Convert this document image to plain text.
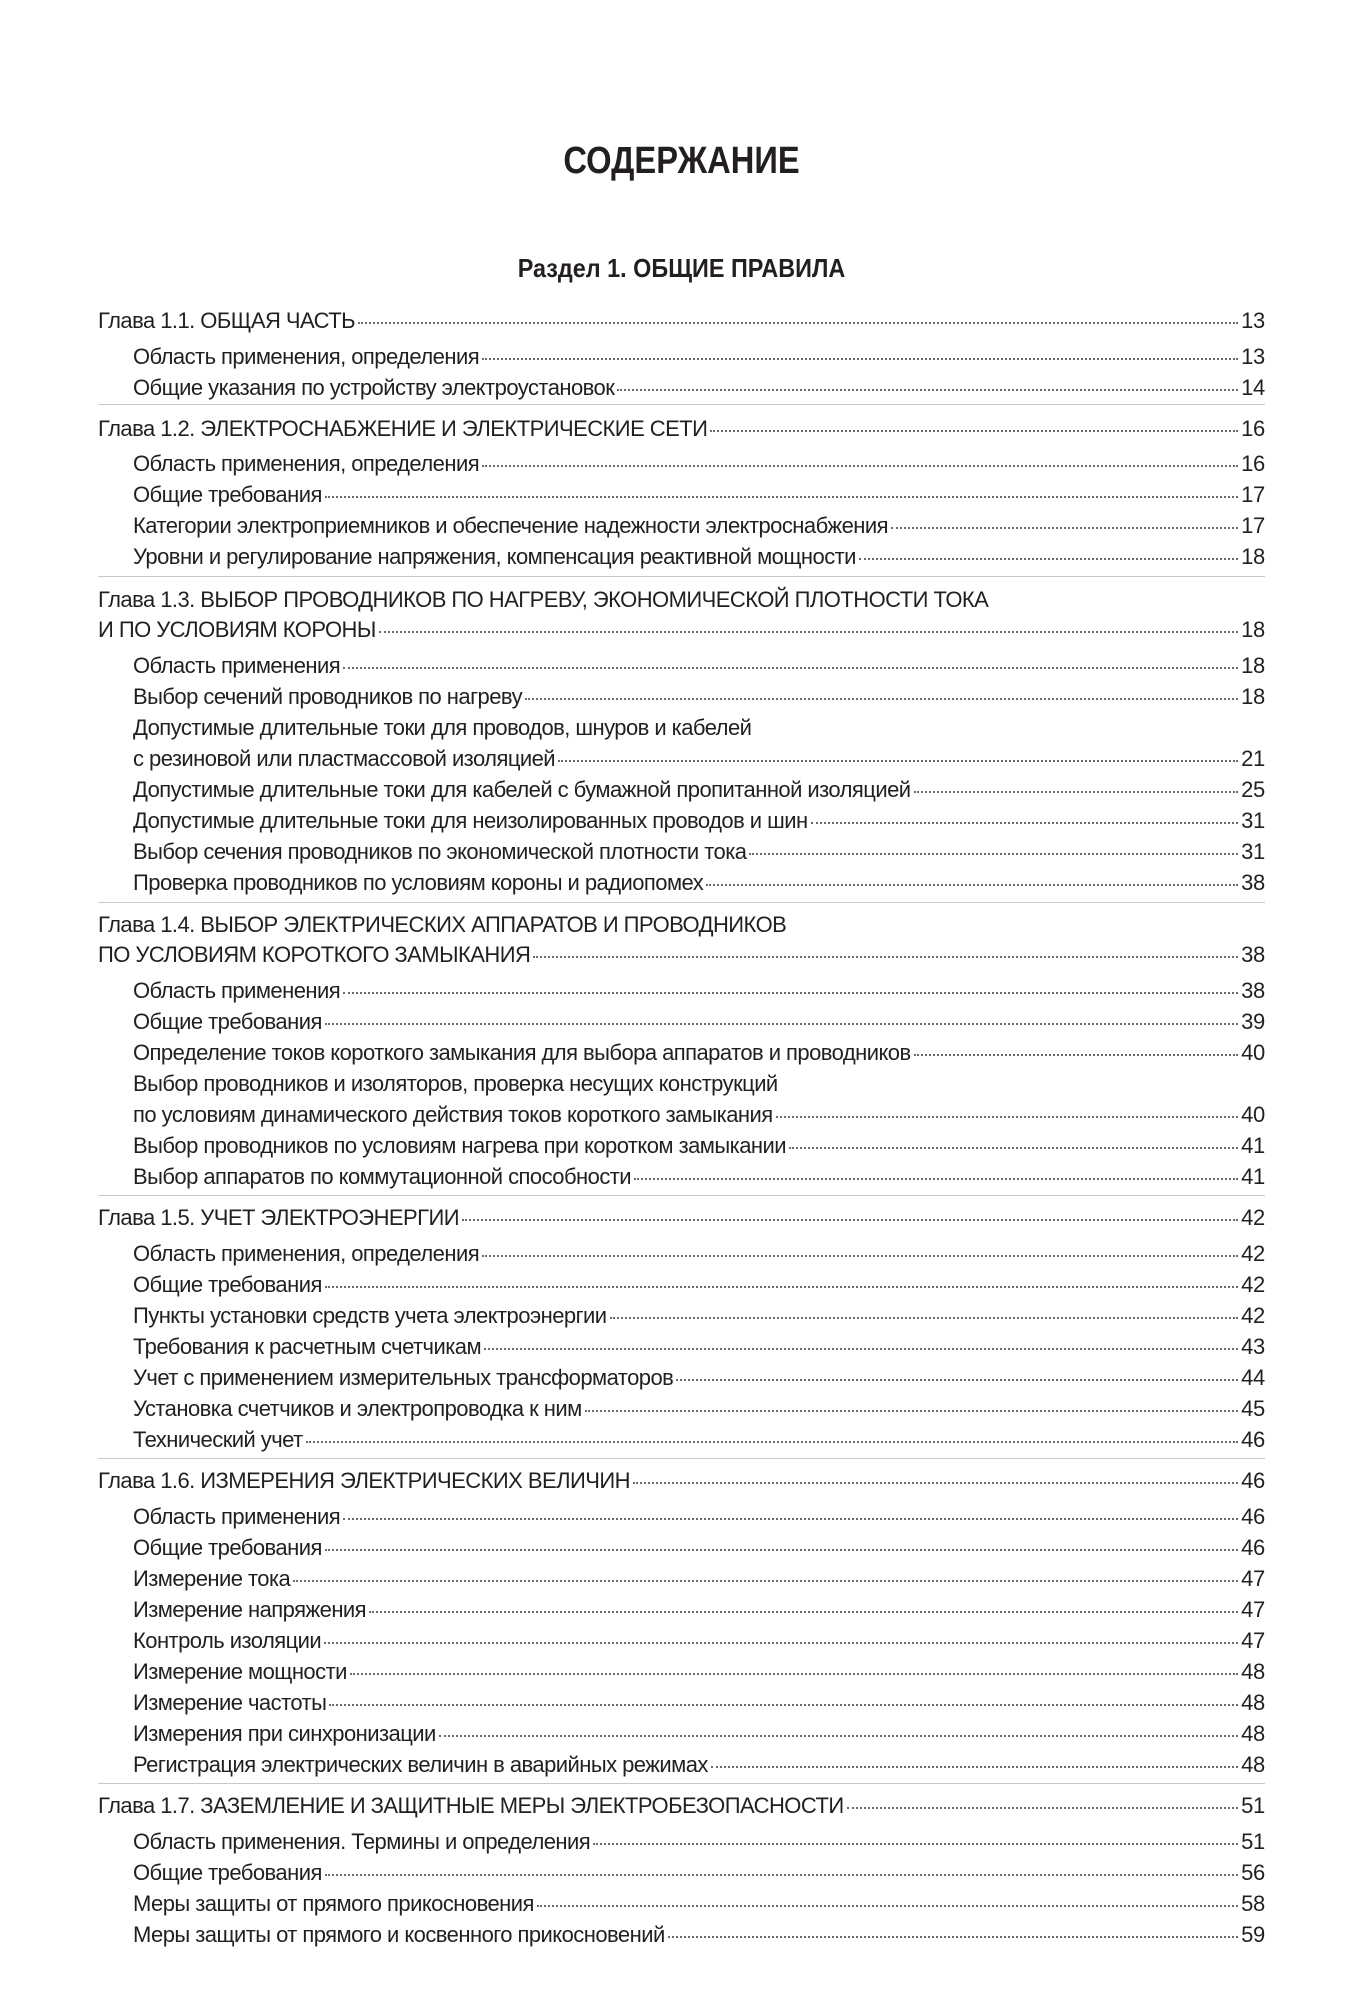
СОДЕРЖАНИЕ
Раздел 1. ОБЩИЕ ПРАВИЛА
Глава 1.1. ОБЩАЯ ЧАСТЬ	13
Область применения, определения	13
Общие указания по устройству электроустановок	14
Глава 1.2. ЭЛЕКТРОСНАБЖЕНИЕ И ЭЛЕКТРИЧЕСКИЕ СЕТИ	16
Область применения, определения	16
Общие требования	17
Категории электроприемников и обеспечение надежности электроснабжения	17
Уровни и регулирование напряжения, компенсация реактивной мощности	18
Глава 1.3. ВЫБОР ПРОВОДНИКОВ ПО НАГРЕВУ, ЭКОНОМИЧЕСКОЙ ПЛОТНОСТИ ТОКА
И ПО УСЛОВИЯМ КОРОНЫ	18
Область применения	18
Выбор сечений проводников по нагреву	18
Допустимые длительные токи для проводов, шнуров и кабелей
с резиновой или пластмассовой изоляцией	21
Допустимые длительные токи для кабелей с бумажной пропитанной изоляцией	25
Допустимые длительные токи для неизолированных проводов и шин	31
Выбор сечения проводников по экономической плотности тока	31
Проверка проводников по условиям короны и радиопомех	38
Глава 1.4. ВЫБОР ЭЛЕКТРИЧЕСКИХ АППАРАТОВ И ПРОВОДНИКОВ
ПО УСЛОВИЯМ КОРОТКОГО ЗАМЫКАНИЯ	38
Область применения	38
Общие требования	39
Определение токов короткого замыкания для выбора аппаратов и проводников	40
Выбор проводников и изоляторов, проверка несущих конструкций
по условиям динамического действия токов короткого замыкания	40
Выбор проводников по условиям нагрева при коротком замыкании	41
Выбор аппаратов по коммутационной способности	41
Глава 1.5. УЧЕТ ЭЛЕКТРОЭНЕРГИИ	42
Область применения, определения	42
Общие требования	42
Пункты установки средств учета электроэнергии	42
Требования к расчетным счетчикам	43
Учет с применением измерительных трансформаторов	44
Установка счетчиков и электропроводка к ним	45
Технический учет	46
Глава 1.6. ИЗМЕРЕНИЯ ЭЛЕКТРИЧЕСКИХ ВЕЛИЧИН	46
Область применения	46
Общие требования	46
Измерение тока	47
Измерение напряжения	47
Контроль изоляции	47
Измерение мощности	48
Измерение частоты	48
Измерения при синхронизации	48
Регистрация электрических величин в аварийных режимах	48
Глава 1.7. ЗАЗЕМЛЕНИЕ И ЗАЩИТНЫЕ МЕРЫ ЭЛЕКТРОБЕЗОПАСНОСТИ	51
Область применения. Термины и определения	51
Общие требования	56
Меры защиты от прямого прикосновения	58
Меры защиты от прямого и косвенного прикосновений	59
